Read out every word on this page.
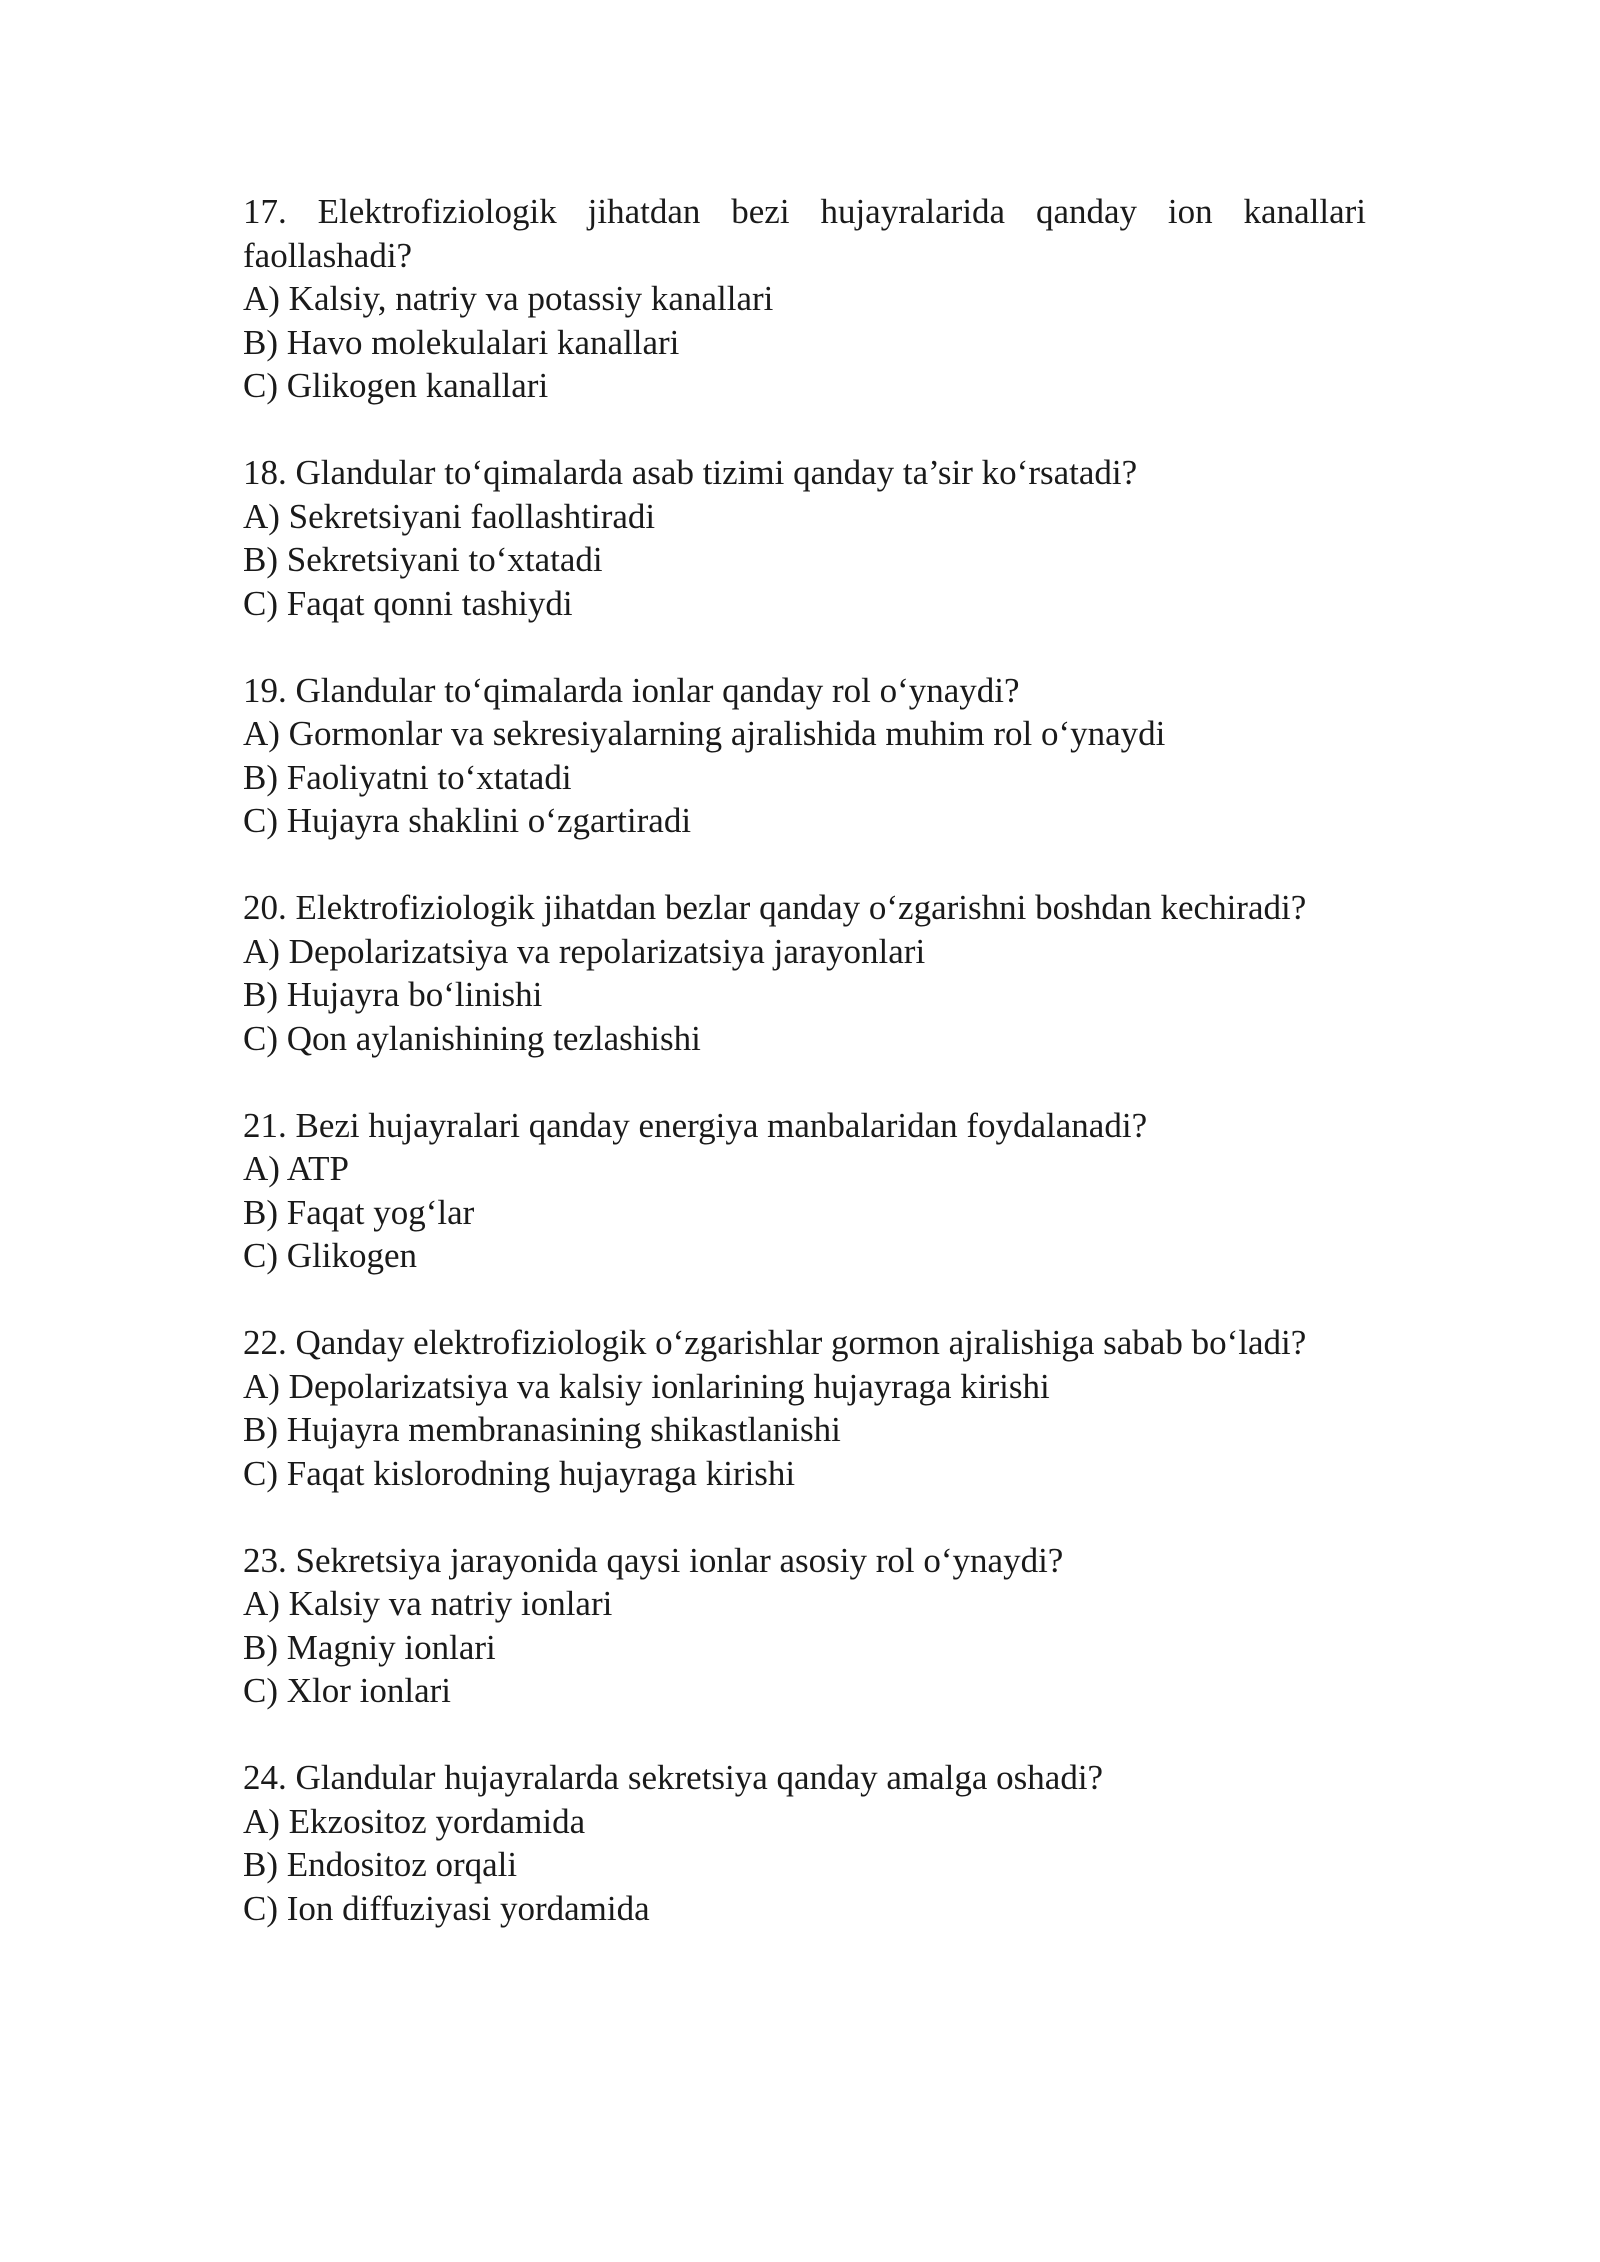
17. Elektrofiziologik jihatdan bezi hujayralarida qanday ion kanallari faollashadi?

A) Kalsiy, natriy va potassiy kanallari

B) Havo molekulalari kanallari

C) Glikogen kanallari

18. Glandular to‘qimalarda asab tizimi qanday ta’sir ko‘rsatadi?

A) Sekretsiyani faollashtiradi

B) Sekretsiyani to‘xtatadi

C) Faqat qonni tashiydi

19. Glandular to‘qimalarda ionlar qanday rol o‘ynaydi?

A) Gormonlar va sekresiyalarning ajralishida muhim rol o‘ynaydi

B) Faoliyatni to‘xtatadi

C) Hujayra shaklini o‘zgartiradi

20. Elektrofiziologik jihatdan bezlar qanday o‘zgarishni boshdan kechiradi?

A) Depolarizatsiya va repolarizatsiya jarayonlari

B) Hujayra bo‘linishi

C) Qon aylanishining tezlashishi

21. Bezi hujayralari qanday energiya manbalaridan foydalanadi?

A) ATP

B) Faqat yog‘lar

C) Glikogen

22. Qanday elektrofiziologik o‘zgarishlar gormon ajralishiga sabab bo‘ladi?

A) Depolarizatsiya va kalsiy ionlarining hujayraga kirishi

B) Hujayra membranasining shikastlanishi

C) Faqat kislorodning hujayraga kirishi

23. Sekretsiya jarayonida qaysi ionlar asosiy rol o‘ynaydi?

A) Kalsiy va natriy ionlari

B) Magniy ionlari

C) Xlor ionlari

24. Glandular hujayralarda sekretsiya qanday amalga oshadi?

A) Ekzositoz yordamida

B) Endositoz orqali

C) Ion diffuziyasi yordamida
